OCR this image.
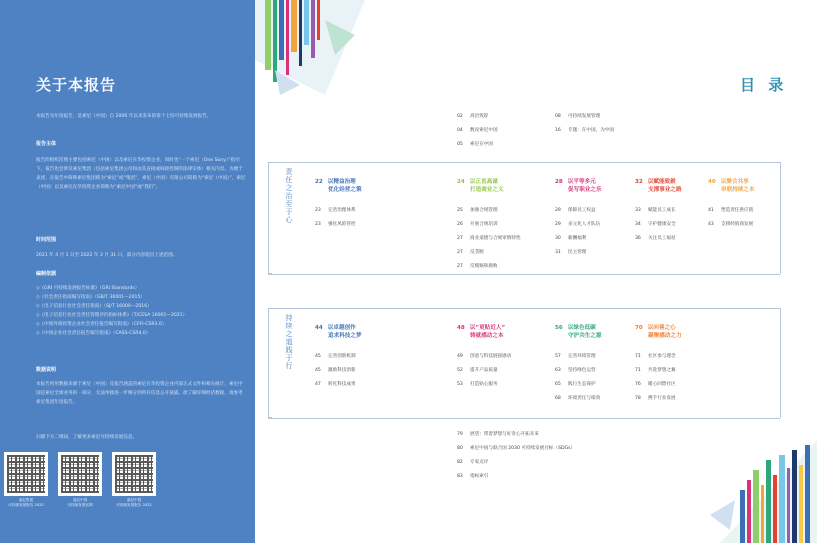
关于本报告
本报告为年度报告，是索尼（中国）自 2006 年以来发布的第十七份可持续发展报告。
报告主体
报告的组织范围主要包括索尼（中国）以及索尼在华投资企业，同时也“一个索尼（One Sony）”指引下，报告也会涉及索尼集团（包括索尼集团公司和由其直接或间接控制的法律实体）相关内容。为便于表述，在报告中简称索尼集团称为“索尼”或“集团”，索尼（中国）有限公司简称为“索尼（中国）”，索尼（中国）以及索尼在华投资企业简称为“索尼中国”或“我们”。
时间范围
2021 年 4 月 1 日至 2022 年 3 月 31 日，部分内容超出上述范围。
编制依据
◇《GRI 可持续发展报告标准》（GRI Standards）
◇《社会责任指南编写指南》（GB/T 36001—2015）
◇《电子信息行业社会责任指南》（SJ/T 16000—2016）
◇《电子信息行业社会责任管理评价指标体系》（T/CESA 16001—2021）
◇《中国外商投资企业社会责任报告编写指南》（CFFI-CSR3.0）
◇《中国企业社会责任报告编写指南》（CASS-CSR4.0）
数据说明
本报告所用数据来源于索尼（中国）及报告涵盖的索尼在华投资企业内部正式文件和相关统计，索尼中国是索尼全球业务的一部分，无法单独进一步细分到所有信息公开披露。欲了解详细经济数据，请参考索尼集团年度报告。
扫描下方二维码，了解更多索尼可持续发展信息。
索尼集团
可持续发展报告 2022
索尼中国
可持续发展官网
索尼中国
可持续发展报告 2022
目 录
02 高层致辞
04 数说索尼中国
05 索尼在中国
08 可持续发展管理
16 专题：在中国，为中国
责任之治至于心	22 以精益治理
优化经营之策
23 完善治理体系
23 强化风险管控
24 以正直高诚
打造商业之义
25 加强合规管理
26 开展合规培训
27 商业道德与合规审慎特性
27 反垄断
27 反贿赂和腐败
28 以平等多元
促写职业之乐
29 保障员工权益
29 多元化人才队伍
30 薪酬福利
31 民主管理
32 以赋能致毅
支撑事业之路
33 赋能员工成长
34 守护健康安全
36 关注员工福祉
40 以聚合共享
串联持续之本
41 塑造责任供应链
43 支援经销商发展
持续之道践于行	44 以卓越创作
追求科技之梦
45 完善创新机制
45 激励科技创新
47 转化科技成果
48 以“更贴近人”
铸就感动之本
49 创意与科技链接感动
52 提升产品质量
53 打造贴心服务
56 以绿色低碳
守护共生之源
57 完善环境管理
63 坚持绿色运营
65 践行生态保护
68 环境责任与绩效
70 以向善之心
凝聚感动之力
71 社区参与理念
71 共赴梦想之翼
76 暖心回馈社区
78 携手行业发展
79 展望：带着梦想与好奇心开拓未来
80 索尼中国与联合国 2030 可持续发展目标（SDGs）
82 专家点评
83 指标索引
